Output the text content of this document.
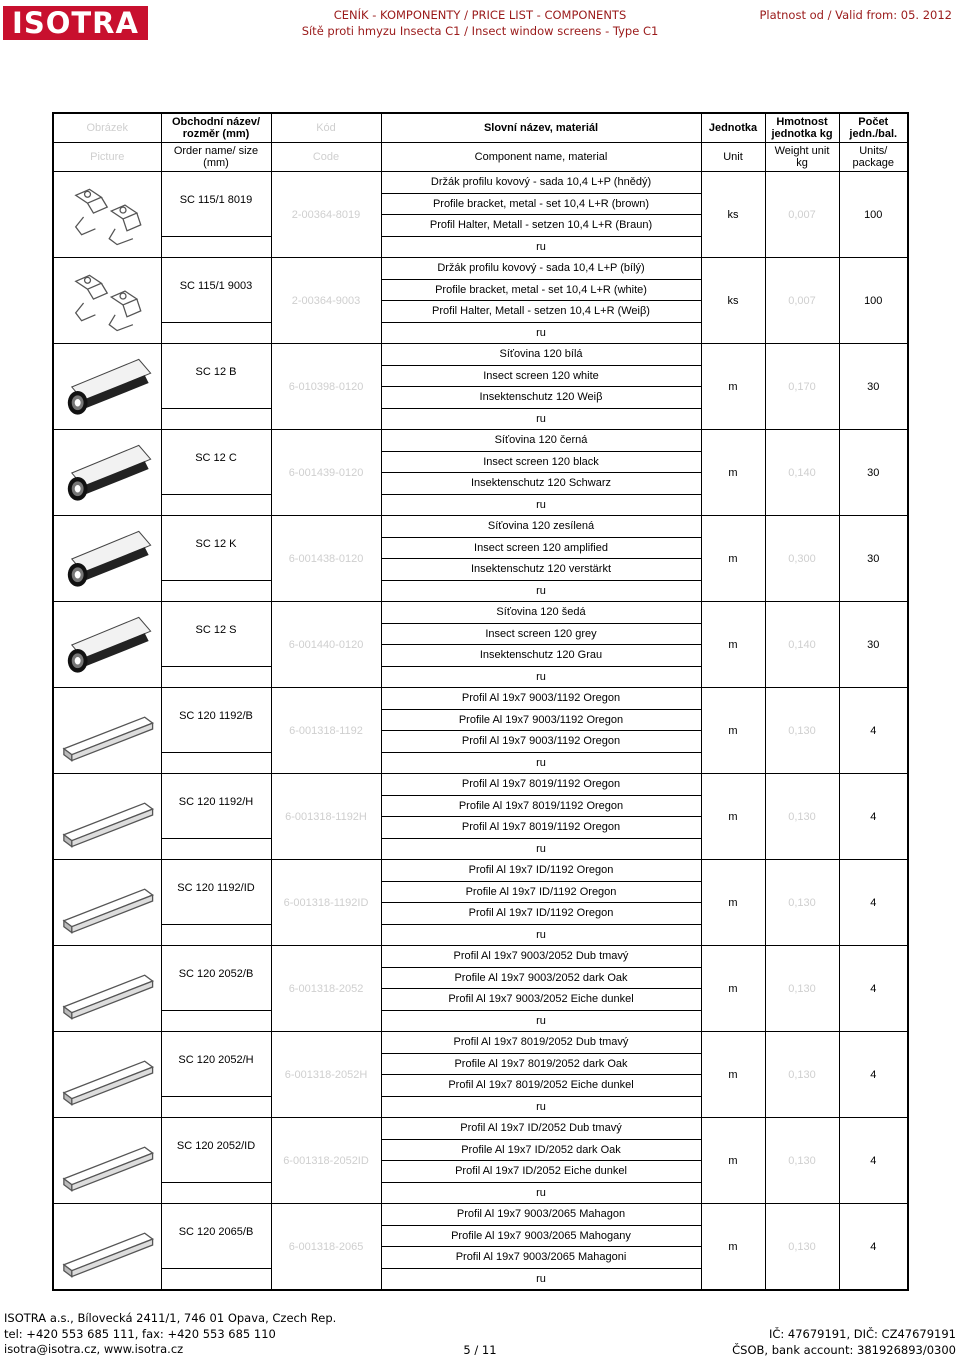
ISOTRA	CENÍK - KOMPONENTY / PRICE LIST - COMPONENTS
Sítě proti hmyzu Insecta C1 / Insect window screens - Type C1
Platnost od / Valid from: 05. 2012
Obrázek	Obchodní název/ rozměr (mm)	Kód	Slovní název, materiál	Jednotka	Hmotnost jednotka kg	Počet jedn./bal.
Picture	Order name/ size (mm)	Code	Component name, material	Unit	Weight unit kg	Units/ package

	SC 115/1 8019	2-00364-8019	Držák profilu kovový - sada 10,4 L+P (hnědý)	ks	0,007	100
			Profile bracket, metal - set 10,4 L+R (brown)			
			Profil Halter, Metall - setzen 10,4 L+R (Braun)			
			ru			

	SC 115/1 9003	2-00364-9003	Držák profilu kovový - sada 10,4 L+P (bílý)	ks	0,007	100
			Profile bracket, metal - set 10,4 L+R (white)			
			Profil Halter, Metall - setzen 10,4 L+R (Weiβ)			
			ru			

	SC 12 B	6-010398-0120	Síťovina 120 bílá	m	0,170	30
			Insect screen 120 white			
			Insektenschutz 120 Weiβ			
			ru			

	SC 12 C	6-001439-0120	Síťovina 120 černá	m	0,140	30
			Insect screen 120 black			
			Insektenschutz 120 Schwarz			
			ru			

	SC 12 K	6-001438-0120	Síťovina 120 zesílená	m	0,300	30
			Insect screen 120 amplified			
			Insektenschutz 120 verstärkt			
			ru			

	SC 12 S	6-001440-0120	Síťovina 120 šedá	m	0,140	30
			Insect screen 120 grey			
			Insektenschutz 120 Grau			
			ru			

	SC 120 1192/B	6-001318-1192	Profil Al 19x7 9003/1192 Oregon	m	0,130	4
			Profile Al 19x7 9003/1192 Oregon			
			Profil Al 19x7 9003/1192 Oregon			
			ru			

	SC 120 1192/H	6-001318-1192H	Profil Al 19x7 8019/1192 Oregon	m	0,130	4
			Profile Al 19x7 8019/1192 Oregon			
			Profil Al 19x7 8019/1192 Oregon			
			ru			

	SC 120 1192/ID	6-001318-1192ID	Profil Al 19x7 ID/1192 Oregon	m	0,130	4
			Profile Al 19x7 ID/1192 Oregon			
			Profil Al 19x7 ID/1192 Oregon			
			ru			

	SC 120 2052/B	6-001318-2052	Profil Al 19x7 9003/2052 Dub tmavý	m	0,130	4
			Profile Al 19x7 9003/2052 dark Oak			
			Profil Al 19x7 9003/2052 Eiche dunkel			
			ru			

	SC 120 2052/H	6-001318-2052H	Profil Al 19x7 8019/2052 Dub tmavý	m	0,130	4
			Profile Al 19x7 8019/2052 dark Oak			
			Profil Al 19x7 8019/2052 Eiche dunkel			
			ru			

	SC 120 2052/ID	6-001318-2052ID	Profil Al 19x7 ID/2052 Dub tmavý	m	0,130	4
			Profile Al 19x7 ID/2052 dark Oak			
			Profil Al 19x7 ID/2052 Eiche dunkel			
			ru			

	SC 120 2065/B	6-001318-2065	Profil Al 19x7 9003/2065 Mahagon	m	0,130	4
			Profile Al 19x7 9003/2065 Mahogany			
			Profil Al 19x7 9003/2065 Mahagoni			
			ru			
ISOTRA a.s., Bílovecká 2411/1, 746 01 Opava, Czech Rep.
tel: +420 553 685 111, fax: +420 553 685 110
isotra@isotra.cz, www.isotra.cz	5 / 11
IČ: 47679191, DIČ: CZ47679191
ČSOB, bank account: 381926893/0300
